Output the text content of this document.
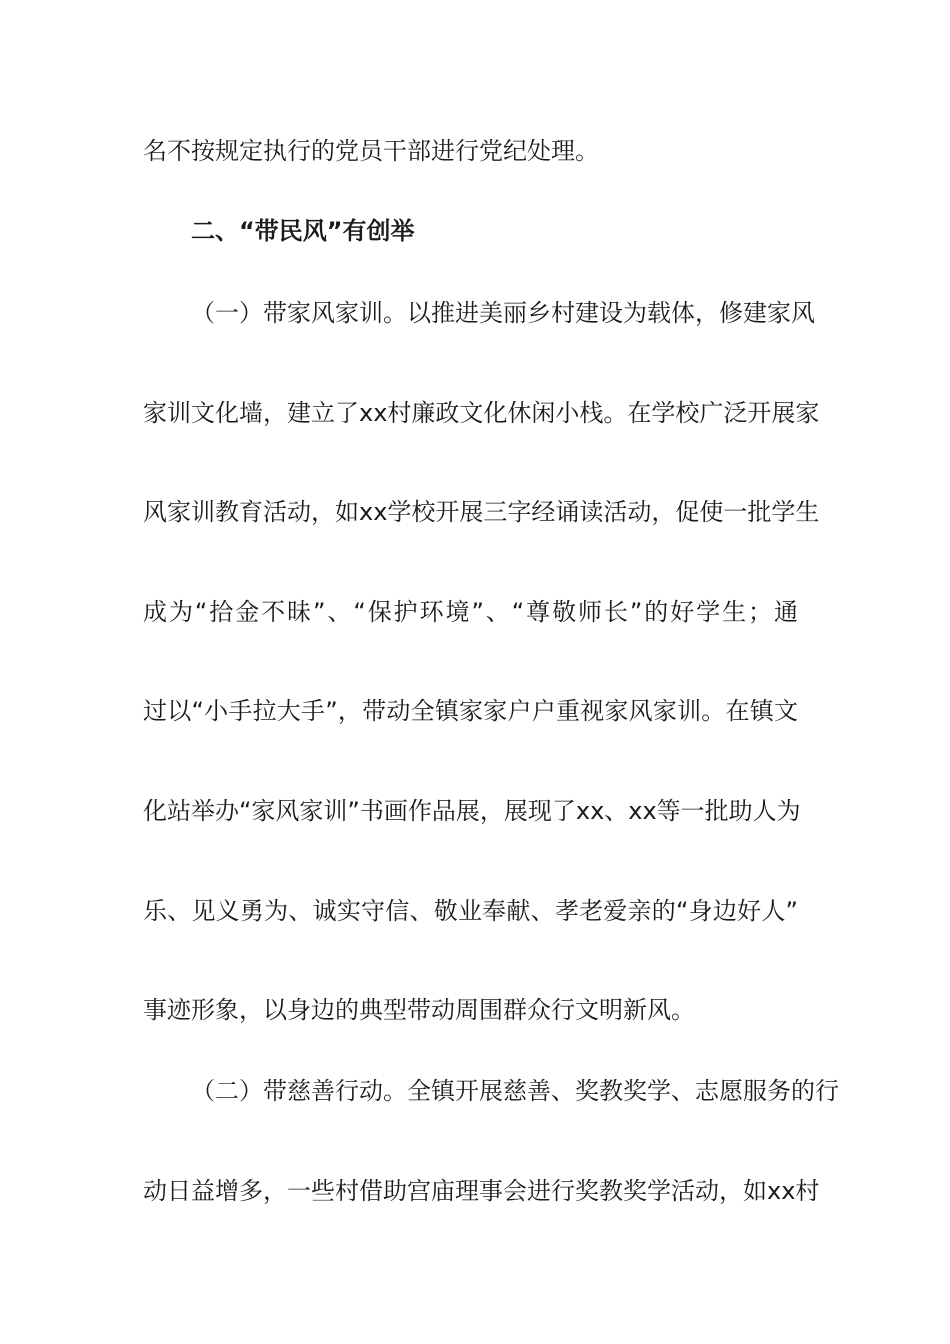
名不按规定执行的党员干部进行党纪处理。
二、“带民风”有创举
（一）带家风家训。以推进美丽乡村建设为载体，修建家风
家训文化墙，建立了xx村廉政文化休闲小栈。在学校广泛开展家
风家训教育活动，如xx学校开展三字经诵读活动，促使一批学生
成为“拾金不昧”、“保护环境”、“尊敬师长”的好学生；通
过以“小手拉大手”，带动全镇家家户户重视家风家训。在镇文
化站举办“家风家训”书画作品展，展现了xx、xx等一批助人为
乐、见义勇为、诚实守信、敬业奉献、孝老爱亲的“身边好人”
事迹形象，以身边的典型带动周围群众行文明新风。
（二）带慈善行动。全镇开展慈善、奖教奖学、志愿服务的行
动日益增多，一些村借助宫庙理事会进行奖教奖学活动，如xx村
